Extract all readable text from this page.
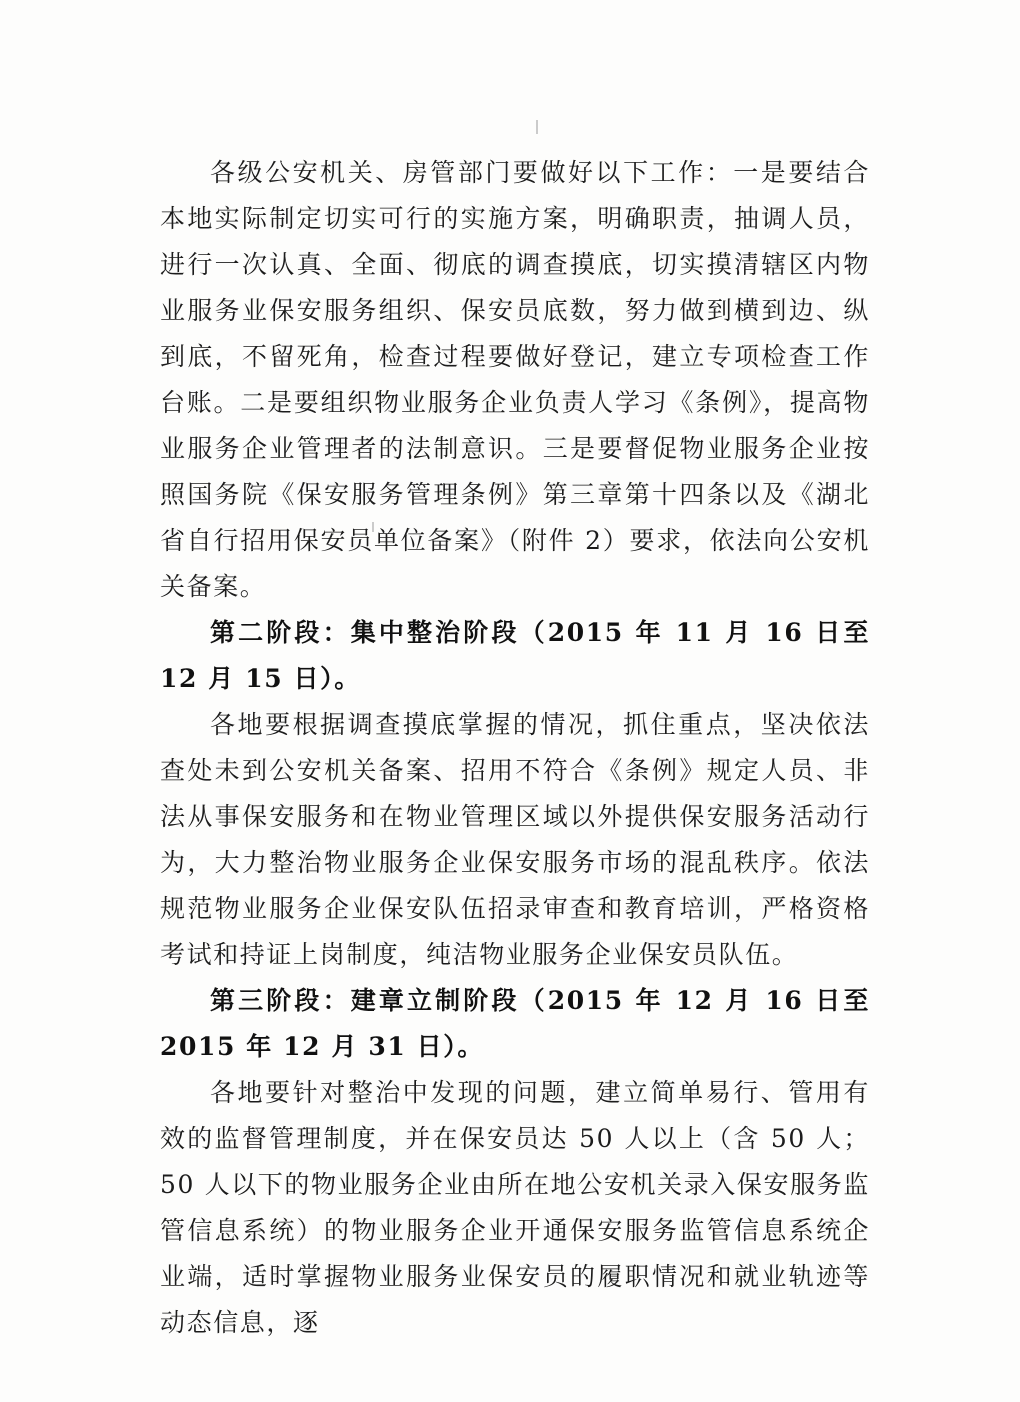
各级公安机关、房管部门要做好以下工作：一是要结合本地实际制定切实可行的实施方案，明确职责，抽调人员，进行一次认真、全面、彻底的调查摸底，切实摸清辖区内物业服务业保安服务组织、保安员底数，努力做到横到边、纵到底，不留死角，检查过程要做好登记，建立专项检查工作台账。二是要组织物业服务企业负责人学习《条例》，提高物业服务企业管理者的法制意识。三是要督促物业服务企业按照国务院《保安服务管理条例》第三章第十四条以及《湖北省自行招用保安员单位备案》（附件 2）要求，依法向公安机关备案。

第二阶段：集中整治阶段（2015 年 11 月 16 日至 12 月 15 日）。

各地要根据调查摸底掌握的情况，抓住重点，坚决依法查处未到公安机关备案、招用不符合《条例》规定人员、非法从事保安服务和在物业管理区域以外提供保安服务活动行为，大力整治物业服务企业保安服务市场的混乱秩序。依法规范物业服务企业保安队伍招录审查和教育培训，严格资格考试和持证上岗制度，纯洁物业服务企业保安员队伍。

第三阶段：建章立制阶段（2015 年 12 月 16 日至 2015 年 12 月 31 日）。

各地要针对整治中发现的问题，建立简单易行、管用有效的监督管理制度，并在保安员达 50 人以上（含 50 人；50 人以下的物业服务企业由所在地公安机关录入保安服务监管信息系统）的物业服务企业开通保安服务监管信息系统企业端，适时掌握物业服务业保安员的履职情况和就业轨迹等动态信息，逐
